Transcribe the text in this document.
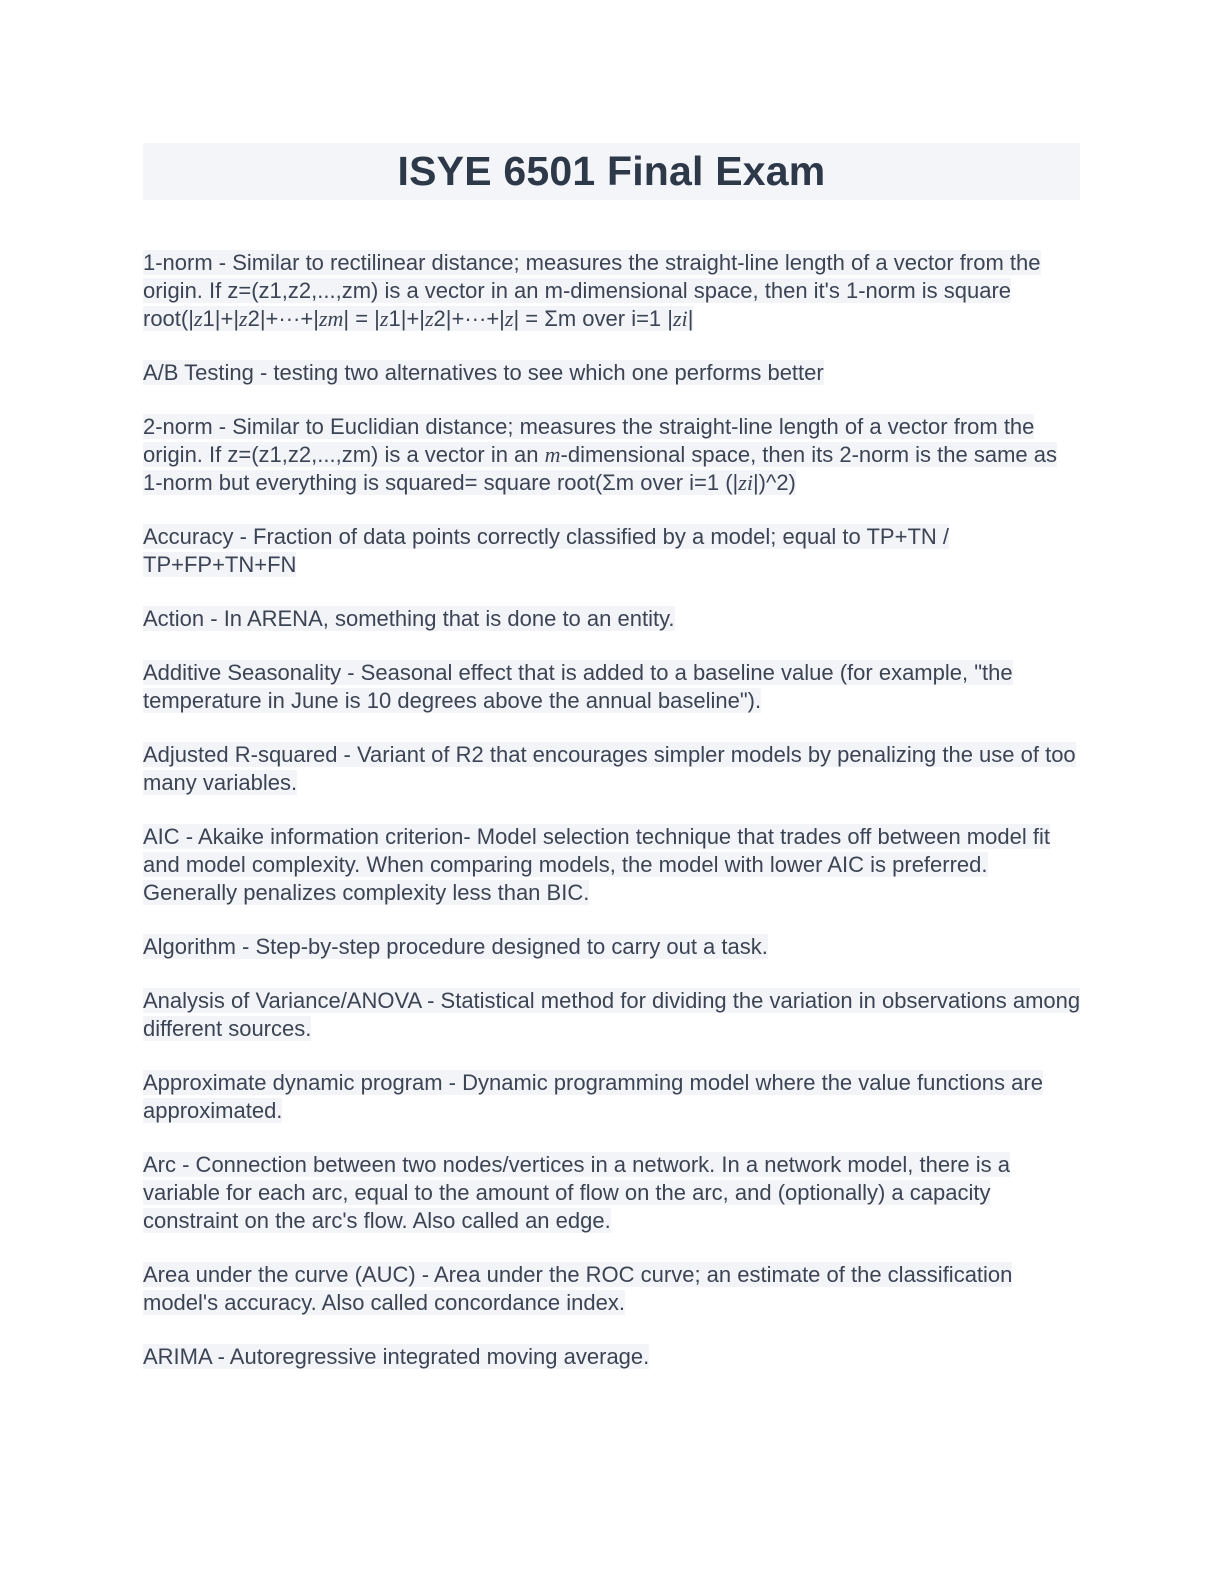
ISYE 6501 Final Exam

1-norm - Similar to rectilinear distance; measures the straight-line length of a vector from the origin. If z=(z1,z2,...,zm) is a vector in an m-dimensional space, then it's 1-norm is square root(|z1|+|z2|+···+|zm| = |z1|+|z2|+···+|z| = Σm over i=1 |zi|

A/B Testing - testing two alternatives to see which one performs better

2-norm - Similar to Euclidian distance; measures the straight-line length of a vector from the origin. If z=(z1,z2,...,zm) is a vector in an m-dimensional space, then its 2-norm is the same as 1-norm but everything is squared= square root(Σm over i=1 (|zi|)^2)

Accuracy - Fraction of data points correctly classified by a model; equal to TP+TN / TP+FP+TN+FN

Action - In ARENA, something that is done to an entity.

Additive Seasonality - Seasonal effect that is added to a baseline value (for example, "the temperature in June is 10 degrees above the annual baseline").

Adjusted R-squared - Variant of R2 that encourages simpler models by penalizing the use of too many variables.

AIC - Akaike information criterion- Model selection technique that trades off between model fit and model complexity. When comparing models, the model with lower AIC is preferred. Generally penalizes complexity less than BIC.

Algorithm - Step-by-step procedure designed to carry out a task.

Analysis of Variance/ANOVA - Statistical method for dividing the variation in observations among different sources.

Approximate dynamic program - Dynamic programming model where the value functions are approximated.

Arc - Connection between two nodes/vertices in a network. In a network model, there is a variable for each arc, equal to the amount of flow on the arc, and (optionally) a capacity constraint on the arc's flow. Also called an edge.

Area under the curve (AUC) - Area under the ROC curve; an estimate of the classification model's accuracy. Also called concordance index.

ARIMA - Autoregressive integrated moving average.
